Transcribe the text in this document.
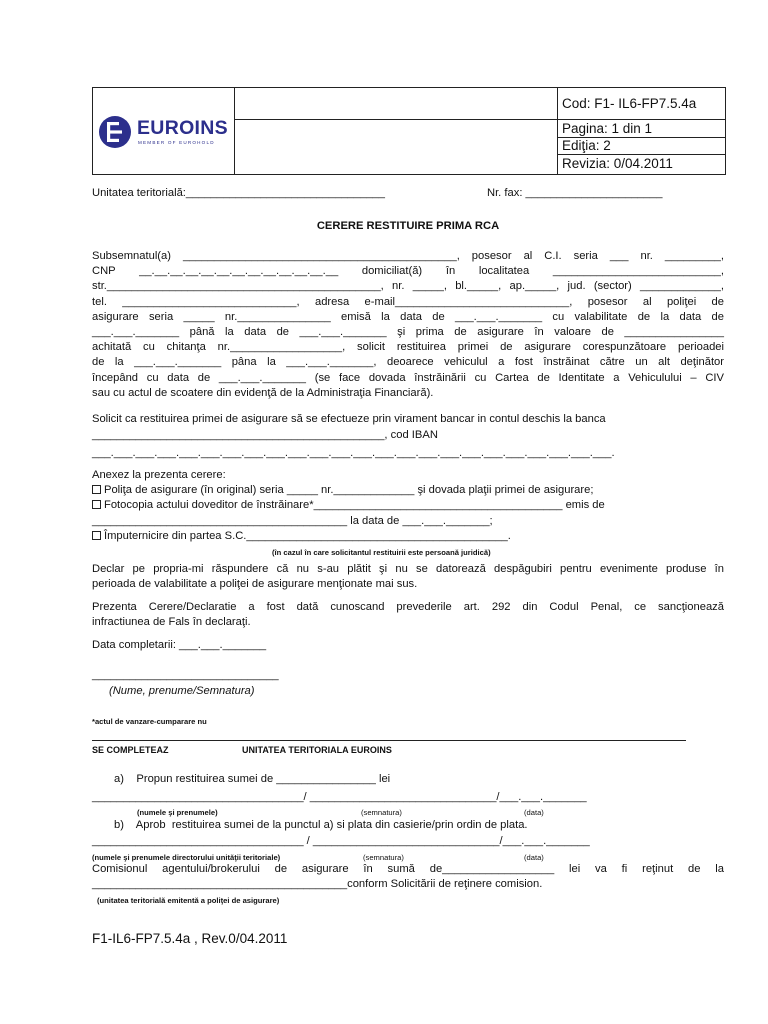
EUROINS
MEMBER OF EUROHOLD
Cod: F1- IL6-FP7.5.4a
Pagina: 1 din 1
Ediţia: 2
Revizia: 0/04.2011
Unitatea teritorială:________________________________	Nr. fax: ______________________
CERERE RESTITUIRE PRIMA RCA
Subsemnatul(a) ____________________________________________, posesor al C.I. seria ___ nr. _________,
CNP __.__.__.__.__.__.__.__.__.__.__.__.__ domiciliat(ă) în localitatea ___________________________,
str.____________________________________________, nr. _____, bl._____, ap._____, jud. (sector) _____________,
tel. ____________________________, adresa e-mail____________________________, posesor al poliţei de
asigurare seria _____ nr._______________ emisă la data de ___.___._______ cu valabilitate de la data de
___.___._______ până la data de ___.___._______ şi prima de asigurare în valoare de ________________
achitată cu chitanţa nr.__________________, solicit restituirea primei de asigurare corespunzătoare perioadei
de la ___.___._______ pâna la ___.___._______, deoarece vehiculul a fost înstrăinat către un alt deţinător
începând cu data de ___.___._______ (se face dovada înstrăinării cu Cartea de Identitate a Vehiculului – CIV
sau cu actul de scoatere din evidenţă de la Administraţia Financiară).
Solicit ca restituirea primei de asigurare să se efectueze prin virament bancar in contul deschis la banca
_______________________________________________, cod IBAN
___.___.___.___.___.___.___.___.___.___.___.___.___.___.___.___.___.___.___.___.___.___.___.___.
Anexez la prezenta cerere:
Poliţa de asigurare (în original) seria _____ nr._____________ şi dovada plaţii primei de asigurare;
Fotocopia actului doveditor de înstrăinare*________________________________________ emis de
_________________________________________ la data de ___.___._______;
Împuternicire din partea S.C.__________________________________________.
(în cazul în care solicitantul restituirii este persoană juridică)
Declar pe propria-mi răspundere că nu s-au plătit şi nu se datorează despăgubiri pentru evenimente produse în
perioada de valabilitate a poliţei de asigurare menţionate mai sus.
Prezenta Cerere/Declaratie a fost dată cunoscand prevederile art. 292 din Codul Penal, ce sancţionează
infractiunea de Fals în declaraţi.
Data completarii: ___.___._______
______________________________
(Nume, prenume/Semnatura)
*actul de vanzare-cumparare nu
SE COMPLETEAZ	UNITATEA TERITORIALA EUROINS
a)    Propun restituirea sumei de ________________ lei
__________________________________/ ______________________________/___.___._______
(numele şi prenumele)	(semnatura)	(data)
b)    Aprob  restituirea sumei de la punctul a) si plata din casierie/prin ordin de plata.
__________________________________ / ______________________________/___.___._______
(numele şi prenumele directorului unităţii teritoriale)	(semnatura)	(data)
Comisionul agentului/brokerului de asigurare în sumă de__________________ lei va fi reţinut de la
_________________________________________conform Solicitării de reţinere comision.
(unitatea teritorială emitentă a poliţei de asigurare)
F1-IL6-FP7.5.4a , Rev.0/04.2011
